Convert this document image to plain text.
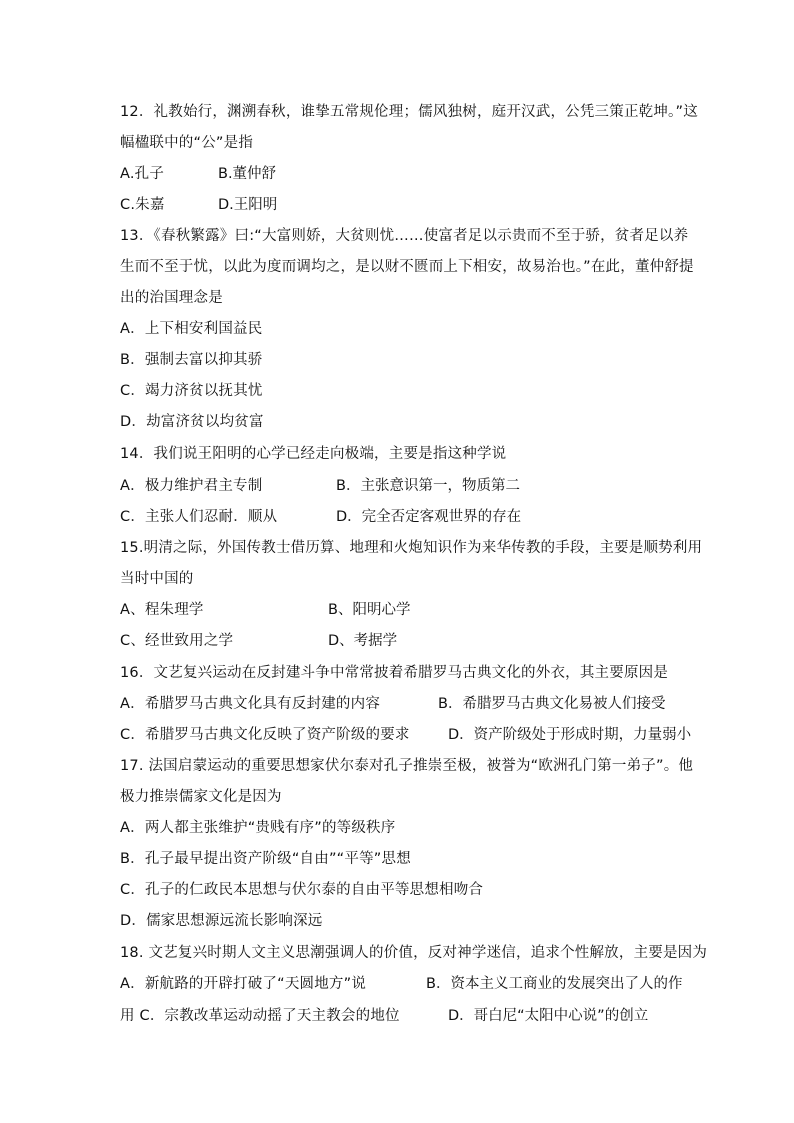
12．礼教始行，渊溯春秋，谁挚五常规伦理；儒风独树，庭开汉武，公凭三策正乾坤。”这
幅楹联中的“公”是指
A.孔子	B.董仲舒
C.朱嘉	D.王阳明
13．《春秋繁露》曰:“大富则娇，大贫则忧……使富者足以示贵而不至于骄，贫者足以养
生而不至于忧，以此为度而调均之，是以财不匮而上下相安，故易治也。”在此，董仲舒提
出的治国理念是
A．上下相安利国益民
B．强制去富以抑其骄
C．竭力济贫以抚其忧
D．劫富济贫以均贫富
14．我们说王阳明的心学已经走向极端，主要是指这种学说
A．极力维护君主专制	B．主张意识第一，物质第二
C．主张人们忍耐．顺从	D．完全否定客观世界的存在
15.明清之际，外国传教士借历算、地理和火炮知识作为来华传教的手段，主要是顺势利用
当时中国的
A、程朱理学	B、阳明心学
C、经世致用之学	D、考据学
16．文艺复兴运动在反封建斗争中常常披着希腊罗马古典文化的外衣，其主要原因是
A．希腊罗马古典文化具有反封建的内容	B．希腊罗马古典文化易被人们接受
C．希腊罗马古典文化反映了资产阶级的要求	D．资产阶级处于形成时期，力量弱小
17. 法国启蒙运动的重要思想家伏尔泰对孔子推崇至极，被誉为“欧洲孔门第一弟子”。他
极力推崇儒家文化是因为
A．两人都主张维护“贵贱有序”的等级秩序
B．孔子最早提出资产阶级“自由”“平等”思想
C．孔子的仁政民本思想与伏尔泰的自由平等思想相吻合
D．儒家思想源远流长影响深远
18. 文艺复兴时期人文主义思潮强调人的价值，反对神学迷信，追求个性解放，主要是因为
A．新航路的开辟打破了“天圆地方”说	B．资本主义工商业的发展突出了人的作
用 C．宗教改革运动动摇了天主教会的地位	D．哥白尼“太阳中心说”的创立
